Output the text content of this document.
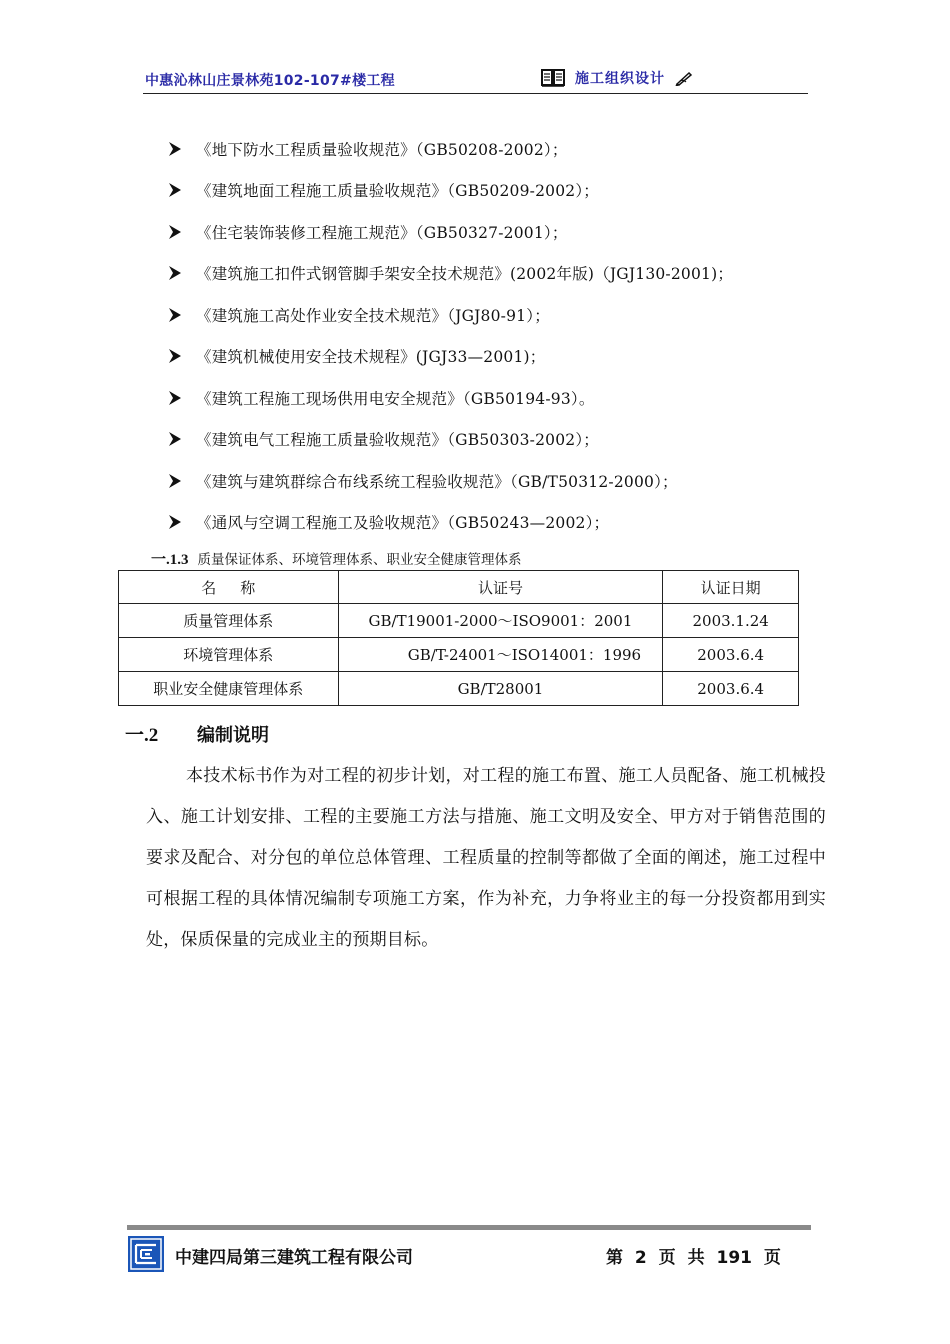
中惠沁林山庄景林苑102-107#楼工程	施工组织设计
《地下防水工程质量验收规范》（GB50208-2002）；
《建筑地面工程施工质量验收规范》（GB50209-2002）；
《住宅装饰装修工程施工规范》（GB50327-2001）；
《建筑施工扣件式钢管脚手架安全技术规范》(2002年版)（JGJ130-2001)；
《建筑施工高处作业安全技术规范》（JGJ80-91）；
《建筑机械使用安全技术规程》(JGJ33—2001)；
《建筑工程施工现场供用电安全规范》（GB50194-93）。
《建筑电气工程施工质量验收规范》（GB50303-2002）；
《建筑与建筑群综合布线系统工程验收规范》（GB/T50312-2000）；
《通风与空调工程施工及验收规范》（GB50243—2002）；
一.1.3 质量保证体系、环境管理体系、职业安全健康管理体系
名称	认证号	认证日期
质量管理体系	GB/T19001-2000～ISO9001：2001	2003.1.24
环境管理体系	GB/T-24001～ISO14001：1996	2003.6.4
职业安全健康管理体系	GB/T28001	2003.6.4
一.2	编制说明

本技术标书作为对工程的初步计划，对工程的施工布置、施工人员配备、施工机械投入、施工计划安排、工程的主要施工方法与措施、施工文明及安全、甲方对于销售范围的要求及配合、对分包的单位总体管理、工程质量的控制等都做了全面的阐述，施工过程中可根据工程的具体情况编制专项施工方案，作为补充，力争将业主的每一分投资都用到实处，保质保量的完成业主的预期目标。

中建四局第三建筑工程有限公司	第 2 页 共 191 页
